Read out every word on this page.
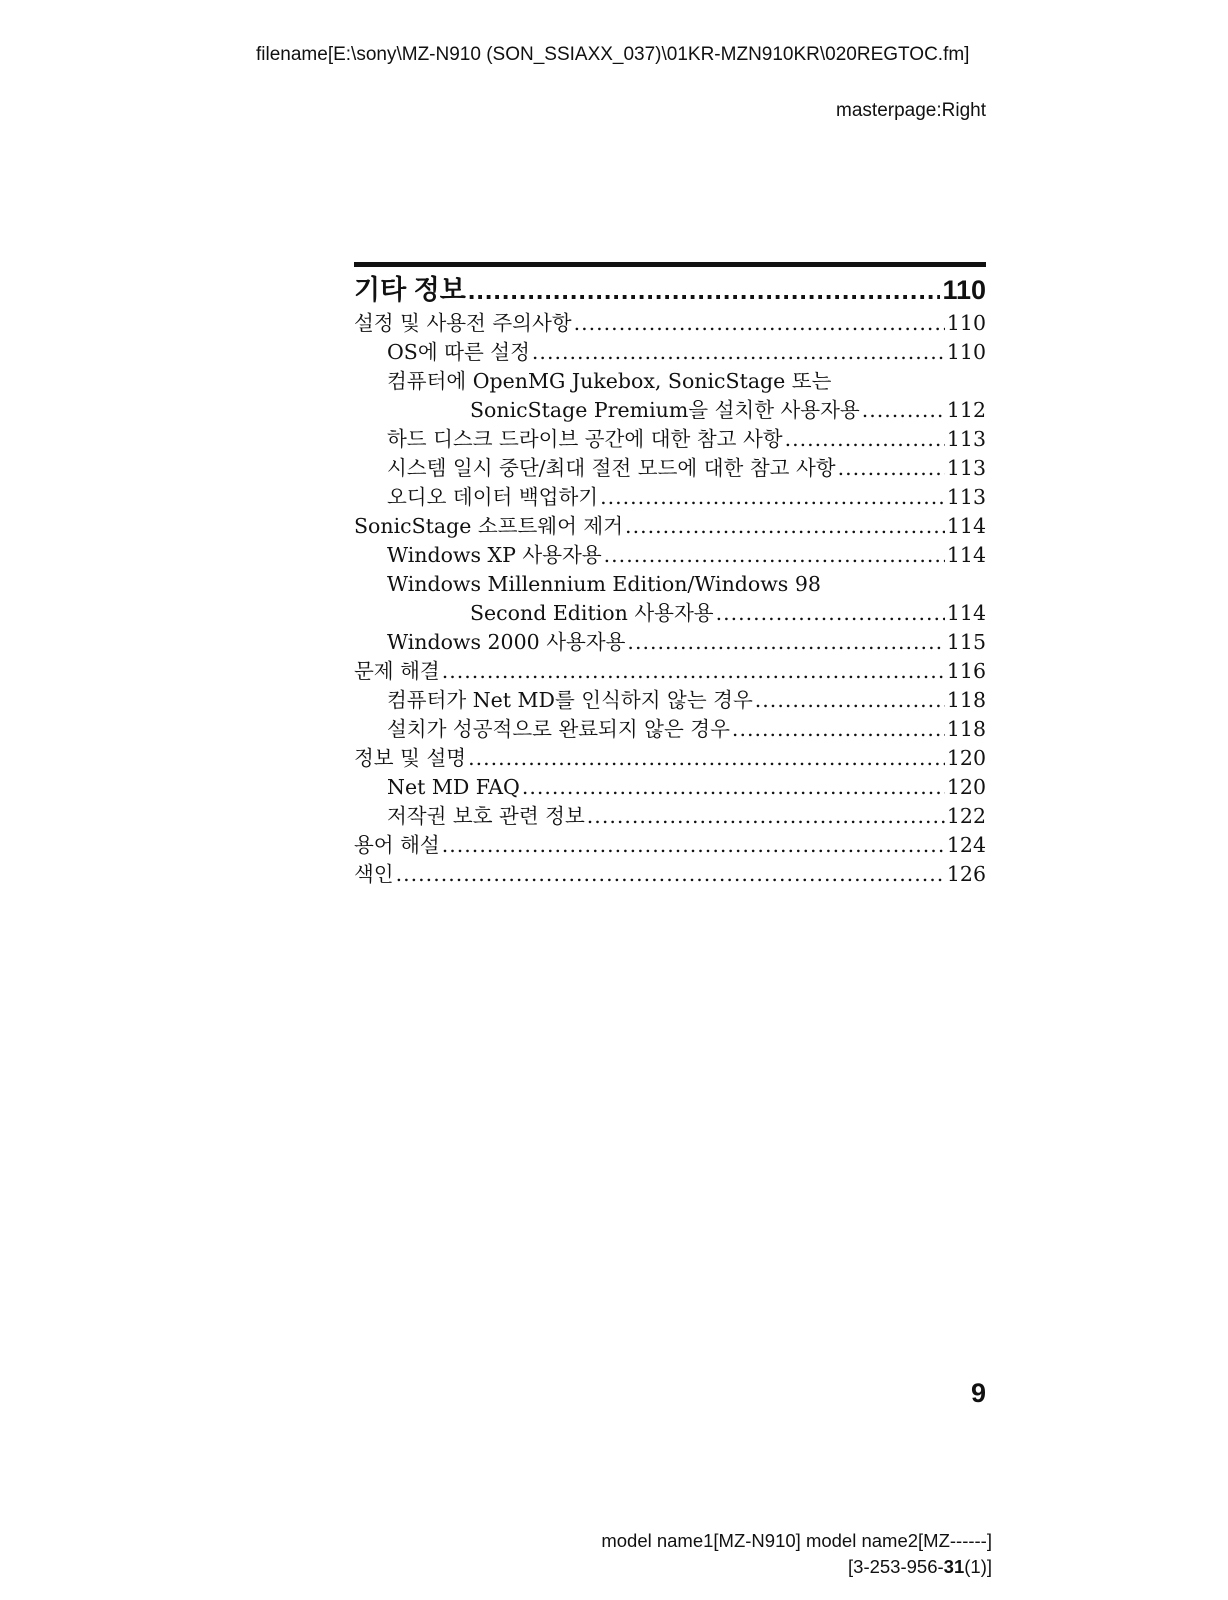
filename[E:\sony\MZ-N910 (SON_SSIAXX_037)\01KR-MZN910KR\020REGTOC.fm]
masterpage:Right
기타 정보 .....	110
설정 및 사용전 주의사항 .....	110
OS에 따른 설정 .....	110
컴퓨터에 OpenMG Jukebox, SonicStage 또는
SonicStage Premium을 설치한 사용자용 .....	112
하드 디스크 드라이브 공간에 대한 참고 사항 .....	113
시스템 일시 중단/최대 절전 모드에 대한 참고 사항 .....	113
오디오 데이터 백업하기 .....	113
SonicStage 소프트웨어 제거 .....	114
Windows XP 사용자용 .....	114
Windows Millennium Edition/Windows 98
Second Edition 사용자용 .....	114
Windows 2000 사용자용 .....	115
문제 해결 .....	116
컴퓨터가 Net MD를 인식하지 않는 경우 .....	118
설치가 성공적으로 완료되지 않은 경우 .....	118
정보 및 설명 .....	120
Net MD FAQ .....	120
저작권 보호 관련 정보 .....	122
용어 해설 .....	124
색인 .....	126
9
model name1[MZ-N910] model name2[MZ------]
[3-253-956-31(1)]
